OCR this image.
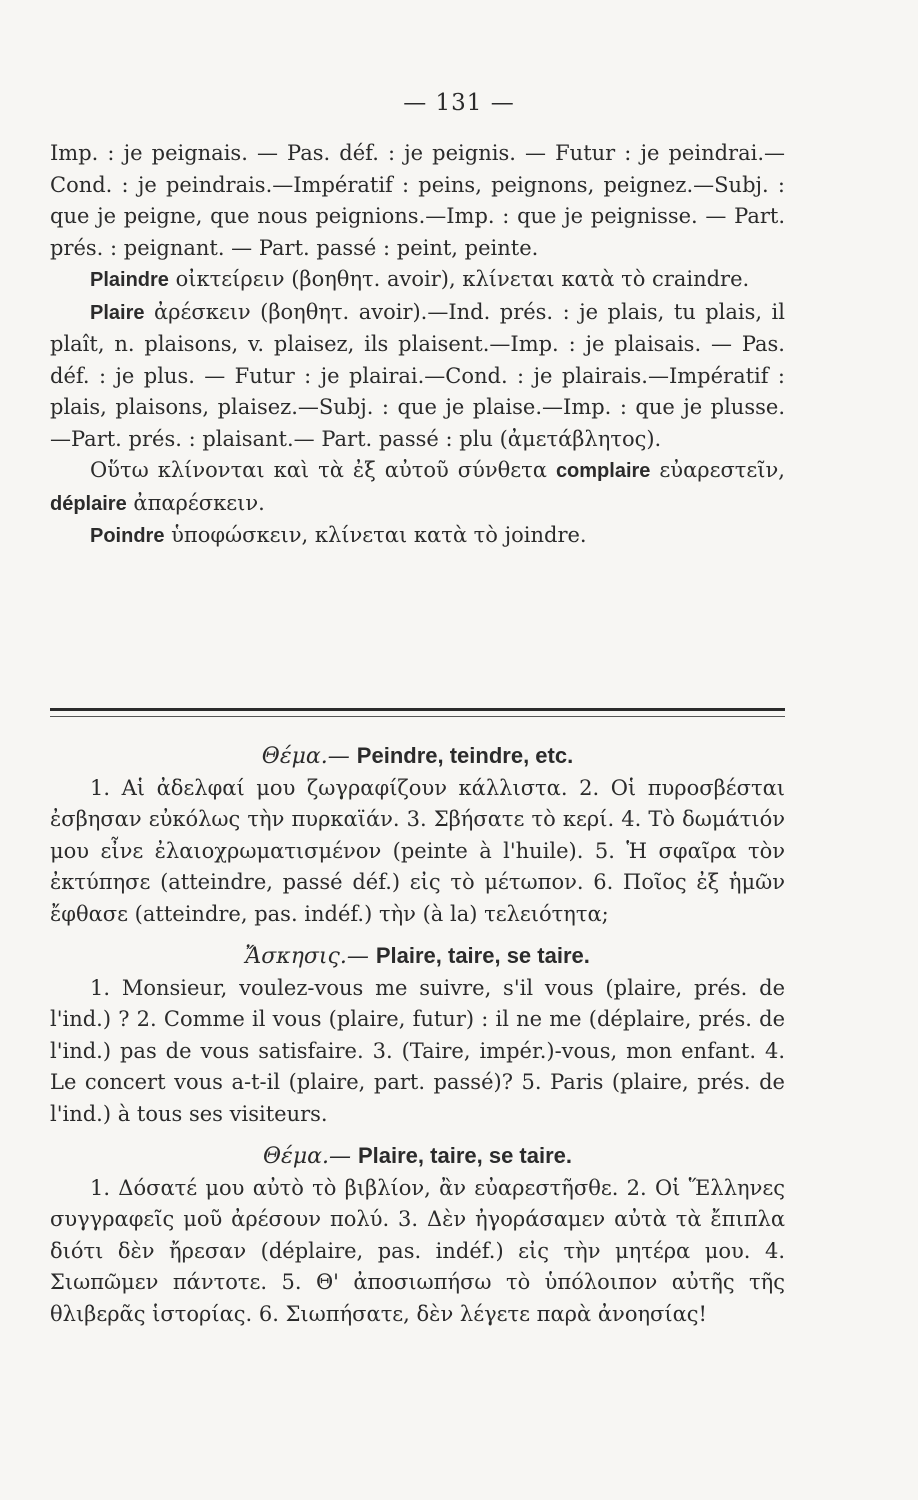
— 131 —

Imp. : je peignais. — Pas. déf. : je peignis. — Futur : je peindrai.—Cond. : je peindrais.—Impératif : peins, peignons, peignez.—Subj. : que je peigne, que nous peignions.—Imp. : que je peignisse. — Part. prés. : peignant. — Part. passé : peint, peinte.

Plaindre οἰκτείρειν (βοηθητ. avoir), κλίνεται κατὰ τὸ craindre.

Plaire ἀρέσκειν (βοηθητ. avoir).—Ind. prés. : je plais, tu plais, il plaît, n. plaisons, v. plaisez, ils plaisent.—Imp. : je plaisais. — Pas. déf. : je plus. — Futur : je plairai.—Cond. : je plairais.—Impératif : plais, plaisons, plaisez.—Subj. : que je plaise.—Imp. : que je plusse.—Part. prés. : plaisant.— Part. passé : plu (ἀμετάβλητος).

Οὕτω κλίνονται καὶ τὰ ἐξ αὐτοῦ σύνθετα complaire εὐαρεστεῖν, déplaire ἀπαρέσκειν.

Poindre ὑποφώσκειν, κλίνεται κατὰ τὸ joindre.

Θέμα.— Peindre, teindre, etc.

1. Αἱ ἀδελφαί μου ζωγραφίζουν κάλλιστα. 2. Οἱ πυροσβέσται ἐσβησαν εὐκόλως τὴν πυρκαϊάν. 3. Σβήσατε τὸ κερί. 4. Τὸ δωμάτιόν μου εἶνε ἐλαιοχρωματισμένον (peinte à l'huile). 5. Ἡ σφαῖρα τὸν ἐκτύπησε (atteindre, passé déf.) εἰς τὸ μέτωπον. 6. Ποῖος ἐξ ἡμῶν ἔφθασε (atteindre, pas. indéf.) τὴν (à la) τελειότητα;

Ἄσκησις.— Plaire, taire, se taire.

1. Monsieur, voulez-vous me suivre, s'il vous (plaire, prés. de l'ind.) ? 2. Comme il vous (plaire, futur) : il ne me (déplaire, prés. de l'ind.) pas de vous satisfaire. 3. (Taire, impér.)-vous, mon enfant. 4. Le concert vous a-t-il (plaire, part. passé)? 5. Paris (plaire, prés. de l'ind.) à tous ses visiteurs.

Θέμα.— Plaire, taire, se taire.

1. Δόσατέ μου αὐτὸ τὸ βιβλίον, ἂν εὐαρεστῆσθε. 2. Οἱ Ἕλληνες συγγραφεῖς μοῦ ἀρέσουν πολύ. 3. Δὲν ἠγοράσαμεν αὐτὰ τὰ ἔπιπλα διότι δὲν ἤρεσαν (déplaire, pas. indéf.) εἰς τὴν μητέρα μου. 4. Σιωπῶμεν πάντοτε. 5. Θ' ἀποσιωπήσω τὸ ὑπόλοιπον αὐτῆς τῆς θλιβερᾶς ἱστορίας. 6. Σιωπήσατε, δὲν λέγετε παρὰ ἀνοησίας!
